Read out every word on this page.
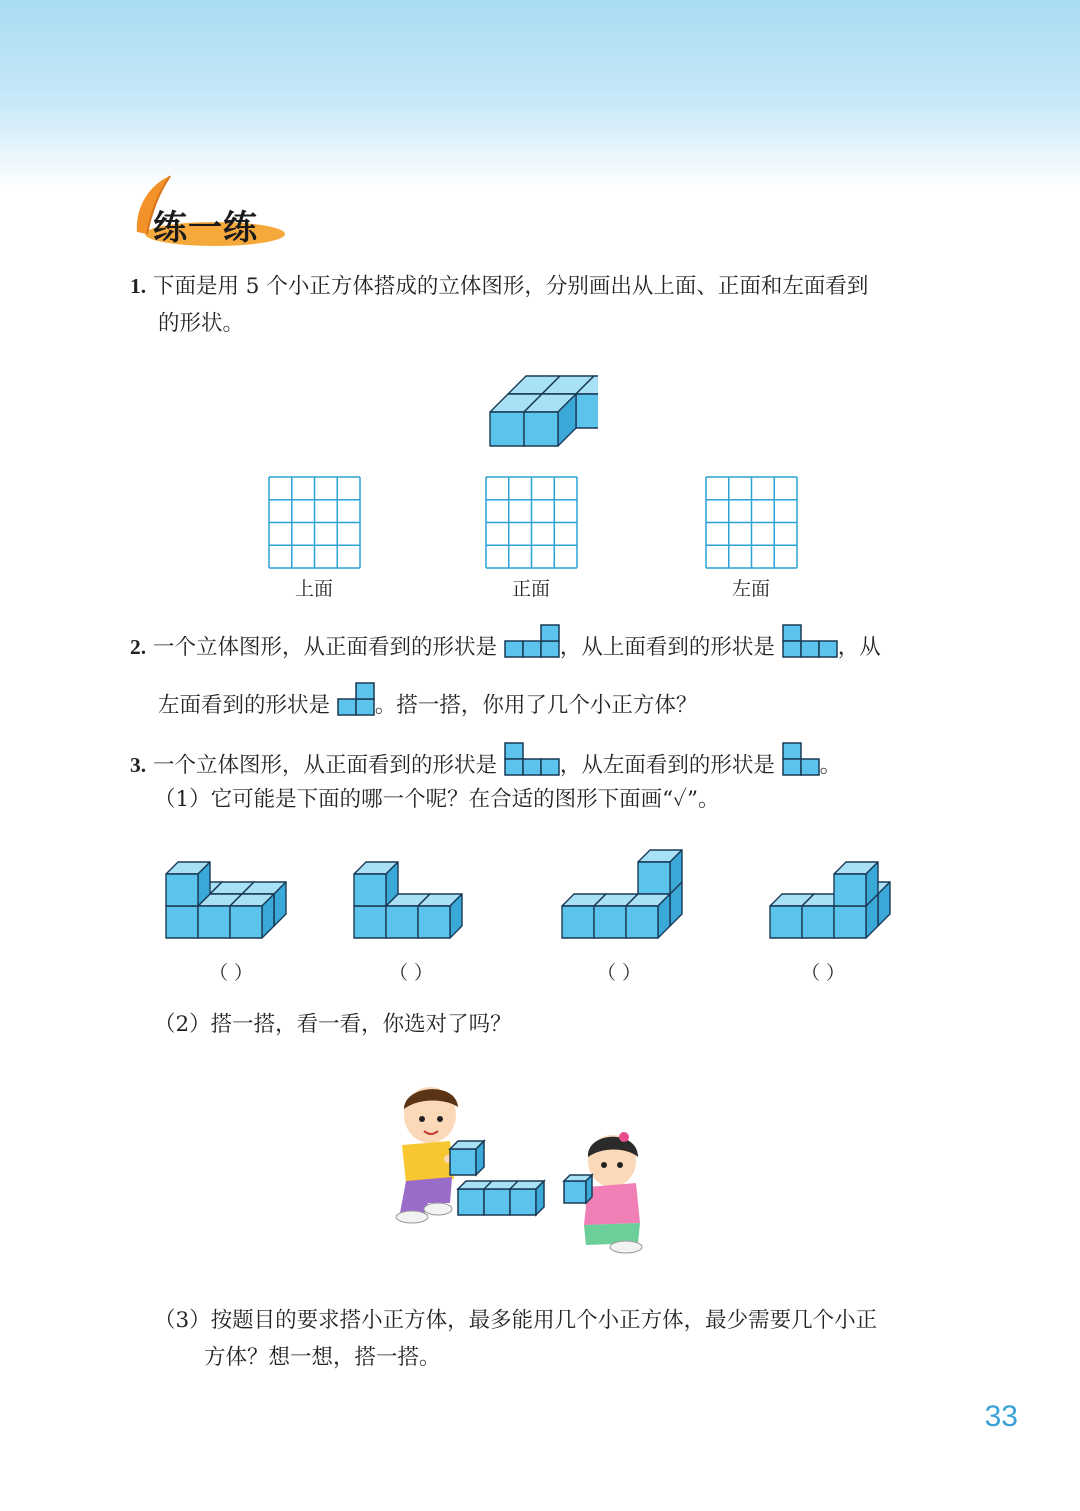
练一练
1. 下面是用 5 个小正方体搭成的立体图形，分别画出从上面、正面和左面看到
的形状。
上面	正面	左面
2. 一个立体图形，从正面看到的形状是	，从上面看到的形状是	，从
左面看到的形状是 。搭一搭，你用了几个小正方体？
3. 一个立体图形，从正面看到的形状是	，从左面看到的形状是 。
（1）它可能是下面的哪一个呢？在合适的图形下面画“✓”。
（ ）	（ ）	（ ）	（ ）
（2）搭一搭，看一看，你选对了吗？
（3）按题目的要求搭小正方体，最多能用几个小正方体，最少需要几个小正
方体？想一想，搭一搭。
33
